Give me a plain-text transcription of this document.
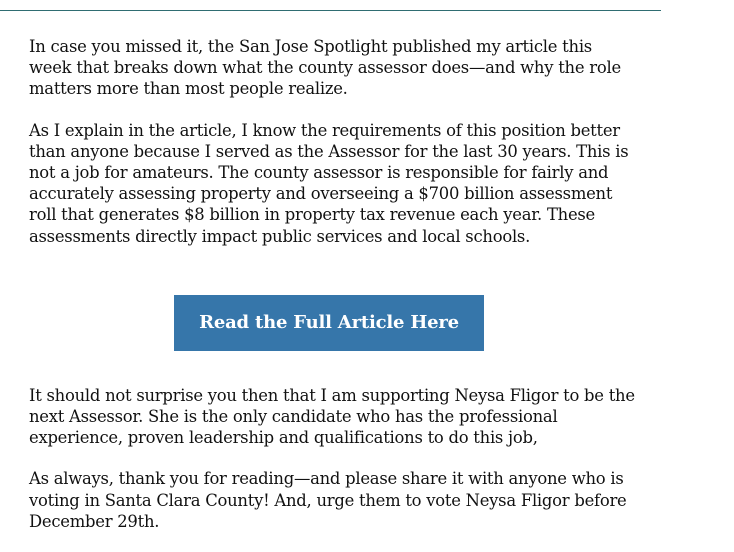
In case you missed it, the San Jose Spotlight published my article this week that breaks down what the county assessor does—and why the role matters more than most people realize.

As I explain in the article, I know the requirements of this position better than anyone because I served as the Assessor for the last 30 years. This is not a job for amateurs. The county assessor is responsible for fairly and accurately assessing property and overseeing a $700 billion assessment roll that generates $8 billion in property tax revenue each year. These assessments directly impact public services and local schools.

Read the Full Article Here

It should not surprise you then that I am supporting Neysa Fligor to be the next Assessor. She is the only candidate who has the professional experience, proven leadership and qualifications to do this job,

As always, thank you for reading—and please share it with anyone who is voting in Santa Clara County! And, urge them to vote Neysa Fligor before December 29th.
